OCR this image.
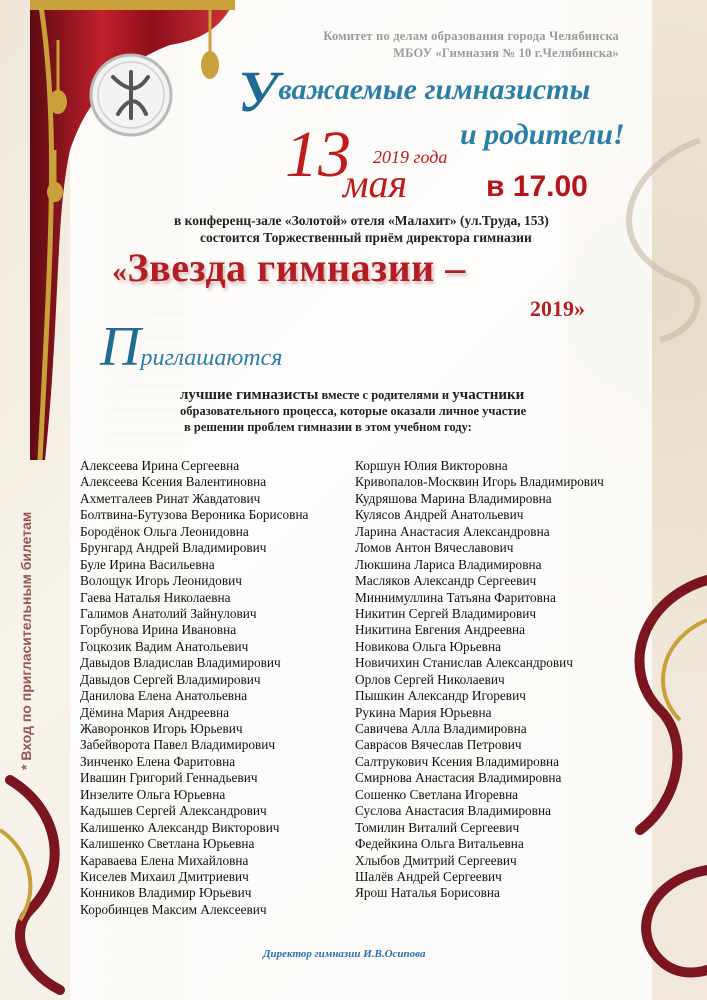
Комитет по делам образования города Челябинска
МБОУ «Гимназия № 10 г.Челябинска»
Уважаемые гимназисты
и родители!
13 2019 года
мая	в 17.00
в конференц-зале «Золотой» отеля «Малахит» (ул.Труда, 153)
состоится Торжественный приём директора гимназии
«Звезда гимназии –
2019»
Приглашаются
лучшие гимназисты вместе с родителями и участники
образовательного процесса, которые оказали личное участие
в решении проблем гимназии в этом учебном году:
Алексеева Ирина Сергеевна
Алексеева Ксения Валентиновна
Ахметгалеев Ринат Жавдатович
Болтвина-Бутузова Вероника Борисовна
Бородёнок Ольга Леонидовна
Брунгард Андрей Владимирович
Буле Ирина Васильевна
Волощук Игорь Леонидович
Гаева Наталья Николаевна
Галимов Анатолий Зайнулович
Горбунова Ирина Ивановна
Гоцкозик Вадим Анатольевич
Давыдов Владислав Владимирович
Давыдов Сергей Владимирович
Данилова Елена Анатольевна
Дёмина Мария Андреевна
Жаворонков Игорь Юрьевич
Забейворота Павел Владимирович
Зинченко Елена Фаритовна
Ивашин Григорий Геннадьевич
Инзелите Ольга Юрьевна
Кадышев Сергей Александрович
Калишенко Александр Викторович
Калишенко Светлана Юрьевна
Караваева Елена Михайловна
Киселев Михаил Дмитриевич
Конников Владимир Юрьевич
Коробинцев Максим Алексеевич
Коршун Юлия Викторовна
Кривопалов-Москвин Игорь Владимирович
Кудряшова Марина Владимировна
Кулясов Андрей Анатольевич
Ларина Анастасия Александровна
Ломов Антон Вячеславович
Люкшина Лариса Владимировна
Масляков Александр Сергеевич
Миннимуллина Татьяна Фаритовна
Никитин Сергей Владимирович
Никитина Евгения Андреевна
Новикова Ольга Юрьевна
Новичихин Станислав Александрович
Орлов Сергей Николаевич
Пышкин Александр Игоревич
Рукина Мария Юрьевна
Савичева Алла Владимировна
Саврасов Вячеслав Петрович
Салтрукович Ксения Владимировна
Смирнова Анастасия Владимировна
Сошенко Светлана Игоревна
Суслова Анастасия Владимировна
Томилин Виталий Сергеевич
Федейкина Ольга Витальевна
Хлыбов Дмитрий Сергеевич
Шалёв Андрей Сергеевич
Ярош Наталья Борисовна
* Вход по пригласительным билетам
Директор гимназии И.В.Осипова
